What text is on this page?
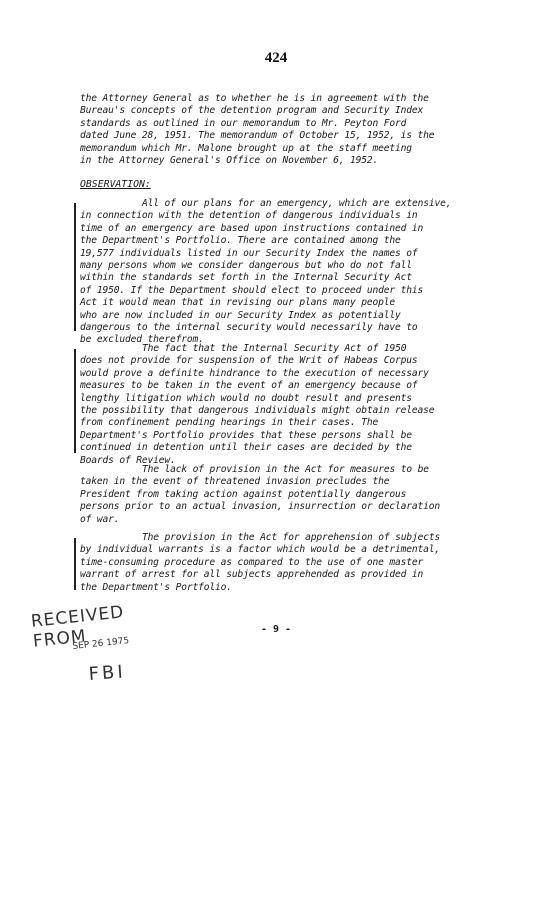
424
the Attorney General as to whether he is in agreement with the
Bureau's concepts of the detention program and Security Index
standards as outlined in our memorandum to Mr. Peyton Ford
dated June 28, 1951. The memorandum of October 15, 1952, is the
memorandum which Mr. Malone brought up at the staff meeting
in the Attorney General's Office on November 6, 1952.
OBSERVATION:
All of our plans for an emergency, which are extensive,
in connection with the detention of dangerous individuals in
time of an emergency are based upon instructions contained in
the Department's Portfolio. There are contained among the
19,577 individuals listed in our Security Index the names of
many persons whom we consider dangerous but who do not fall
within the standards set forth in the Internal Security Act
of 1950. If the Department should elect to proceed under this
Act it would mean that in revising our plans many people
who are now included in our Security Index as potentially
dangerous to the internal security would necessarily have to
be excluded therefrom.
The fact that the Internal Security Act of 1950
does not provide for suspension of the Writ of Habeas Corpus
would prove a definite hindrance to the execution of necessary
measures to be taken in the event of an emergency because of
lengthy litigation which would no doubt result and presents
the possibility that dangerous individuals might obtain release
from confinement pending hearings in their cases. The
Department's Portfolio provides that these persons shall be
continued in detention until their cases are decided by the
Boards of Review.
The lack of provision in the Act for measures to be
taken in the event of threatened invasion precludes the
President from taking action against potentially dangerous
persons prior to an actual invasion, insurrection or declaration
of war.
The provision in the Act for apprehension of subjects
by individual warrants is a factor which would be a detrimental,
time-consuming procedure as compared to the use of one master
warrant of arrest for all subjects apprehended as provided in
the Department's Portfolio.
- 9 -
RECEIVED FROM
SEP 26 1975
FBI
